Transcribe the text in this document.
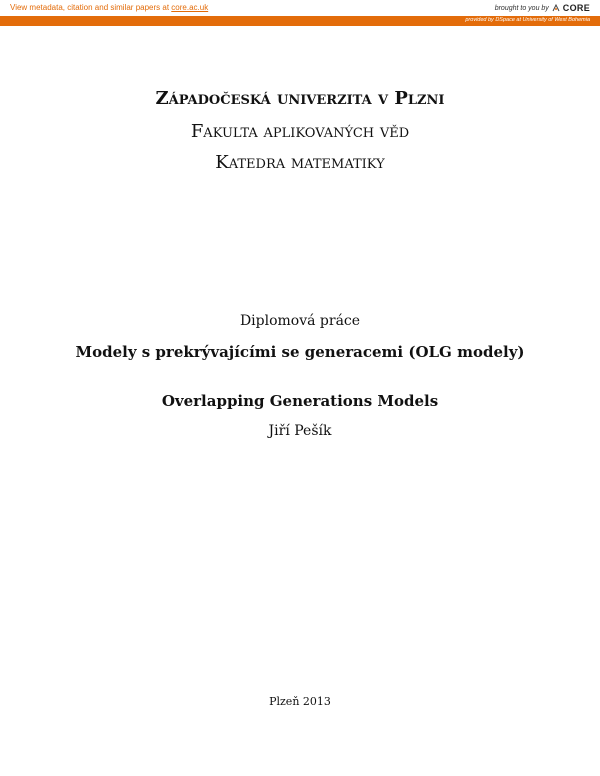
View metadata, citation and similar papers at core.ac.uk	brought to you by CORE
provided by DSpace at University of West Bohemia
Západočeská univerzita v Plzni
Fakulta aplikovaných věd
Katedra matematiky
Diplomová práce
Modely s prekrývajícími se generacemi (OLG modely)
Overlapping Generations Models
Jiří Pešík
Plzeň 2013
